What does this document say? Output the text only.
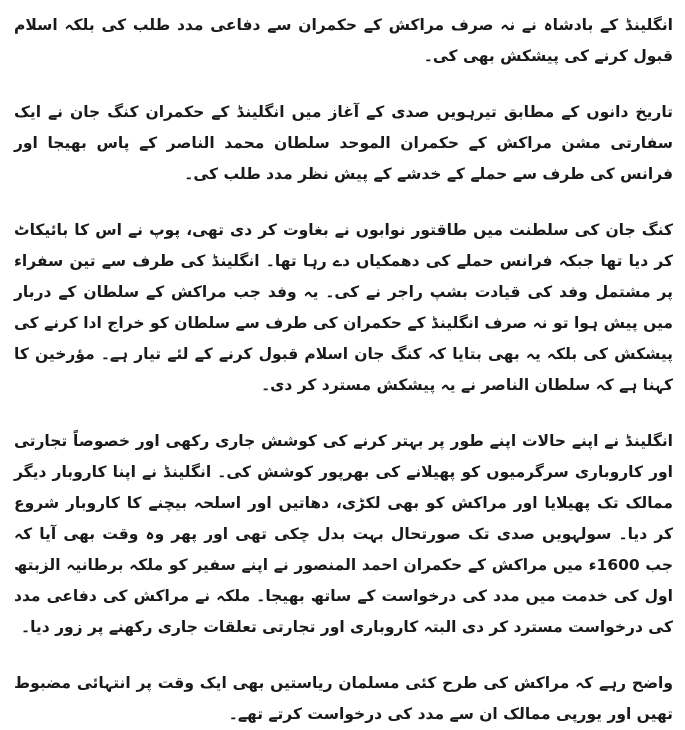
انگلینڈ کے بادشاہ نے نہ صرف مراکش کے حکمران سے دفاعی مدد طلب کی بلکہ اسلام قبول کرنے کی پیشکش بھی کی۔

تاریخ دانوں کے مطابق تیرہویں صدی کے آغاز میں انگلینڈ کے حکمران کنگ جان نے ایک سفارتی مشن مراکش کے حکمران الموحد سلطان محمد الناصر کے پاس بھیجا اور فرانس کی طرف سے حملے کے خدشے کے پیش نظر مدد طلب کی۔

کنگ جان کی سلطنت میں طاقتور نوابوں نے بغاوت کر دی تھی، پوپ نے اس کا بائیکاٹ کر دیا تھا جبکہ فرانس حملے کی دھمکیاں دے رہا تھا۔ انگلینڈ کی طرف سے تین سفراء پر مشتمل وفد کی قیادت بشپ راجر نے کی۔ یہ وفد جب مراکش کے سلطان کے دربار میں پیش ہوا تو نہ صرف انگلینڈ کے حکمران کی طرف سے سلطان کو خراج ادا کرنے کی پیشکش کی بلکہ یہ بھی بتایا کہ کنگ جان اسلام قبول کرنے کے لئے تیار ہے۔ مؤرخین کا کہنا ہے کہ سلطان الناصر نے یہ پیشکش مسترد کر دی۔

انگلینڈ نے اپنے حالات اپنے طور پر بہتر کرنے کی کوشش جاری رکھی اور خصوصاً تجارتی اور کاروباری سرگرمیوں کو پھیلانے کی بھرپور کوشش کی۔ انگلینڈ نے اپنا کاروبار دیگر ممالک تک پھیلایا اور مراکش کو بھی لکڑی، دھاتیں اور اسلحہ بیچنے کا کاروبار شروع کر دیا۔ سولہویں صدی تک صورتحال بہت بدل چکی تھی اور پھر وہ وقت بھی آیا کہ جب 1600ء میں مراکش کے حکمران احمد المنصور نے اپنے سفیر کو ملکہ برطانیہ الزبتھ اول کی خدمت میں مدد کی درخواست کے ساتھ بھیجا۔ ملکہ نے مراکش کی دفاعی مدد کی درخواست مسترد کر دی البتہ کاروباری اور تجارتی تعلقات جاری رکھنے پر زور دیا۔

واضح رہے کہ مراکش کی طرح کئی مسلمان ریاستیں بھی ایک وقت پر انتہائی مضبوط تھیں اور یورپی ممالک ان سے مدد کی درخواست کرتے تھے۔
